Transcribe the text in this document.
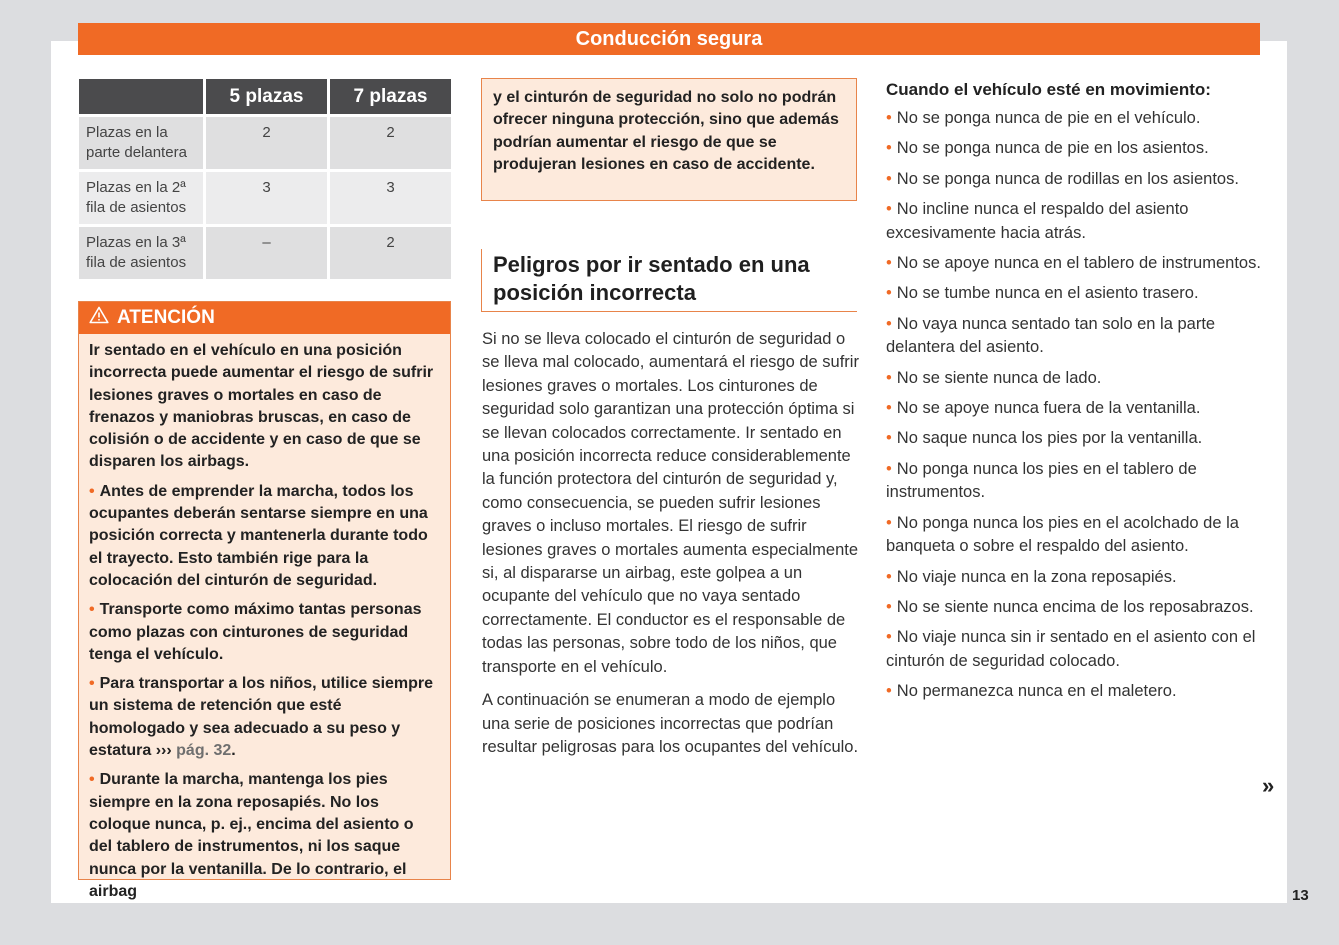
Conducción segura
	5 plazas	7 plazas
Plazas en la parte delantera	2	2
Plazas en la 2ª fila de asientos	3	3
Plazas en la 3ª fila de asientos	–	2
ATENCIÓN

Ir sentado en el vehículo en una posición incorrecta puede aumentar el riesgo de sufrir lesiones graves o mortales en caso de frenazos y maniobras bruscas, en caso de colisión o de accidente y en caso de que se disparen los airbags.

• Antes de emprender la marcha, todos los ocupantes deberán sentarse siempre en una posición correcta y mantenerla durante todo el trayecto. Esto también rige para la colocación del cinturón de seguridad.

• Transporte como máximo tantas personas como plazas con cinturones de seguridad tenga el vehículo.

• Para transportar a los niños, utilice siempre un sistema de retención que esté homologado y sea adecuado a su peso y estatura ››› pág. 32.

• Durante la marcha, mantenga los pies siempre en la zona reposapiés. No los coloque nunca, p. ej., encima del asiento o del tablero de instrumentos, ni los saque nunca por la ventanilla. De lo contrario, el airbag

y el cinturón de seguridad no solo no podrán ofrecer ninguna protección, sino que además podrían aumentar el riesgo de que se produjeran lesiones en caso de accidente.
Peligros por ir sentado en una posición incorrecta

Si no se lleva colocado el cinturón de seguridad o se lleva mal colocado, aumentará el riesgo de sufrir lesiones graves o mortales. Los cinturones de seguridad solo garantizan una protección óptima si se llevan colocados correctamente. Ir sentado en una posición incorrecta reduce considerablemente la función protectora del cinturón de seguridad y, como consecuencia, se pueden sufrir lesiones graves o incluso mortales. El riesgo de sufrir lesiones graves o mortales aumenta especialmente si, al dispararse un airbag, este golpea a un ocupante del vehículo que no vaya sentado correctamente. El conductor es el responsable de todas las personas, sobre todo de los niños, que transporte en el vehículo.

A continuación se enumeran a modo de ejemplo una serie de posiciones incorrectas que podrían resultar peligrosas para los ocupantes del vehículo.

Cuando el vehículo esté en movimiento:
• No se ponga nunca de pie en el vehículo.
• No se ponga nunca de pie en los asientos.
• No se ponga nunca de rodillas en los asientos.
• No incline nunca el respaldo del asiento excesivamente hacia atrás.
• No se apoye nunca en el tablero de instrumentos.
• No se tumbe nunca en el asiento trasero.
• No vaya nunca sentado tan solo en la parte delantera del asiento.
• No se siente nunca de lado.
• No se apoye nunca fuera de la ventanilla.
• No saque nunca los pies por la ventanilla.
• No ponga nunca los pies en el tablero de instrumentos.
• No ponga nunca los pies en el acolchado de la banqueta o sobre el respaldo del asiento.
• No viaje nunca en la zona reposapiés.
• No se siente nunca encima de los reposabrazos.
• No viaje nunca sin ir sentado en el asiento con el cinturón de seguridad colocado.
• No permanezca nunca en el maletero.
»
13
